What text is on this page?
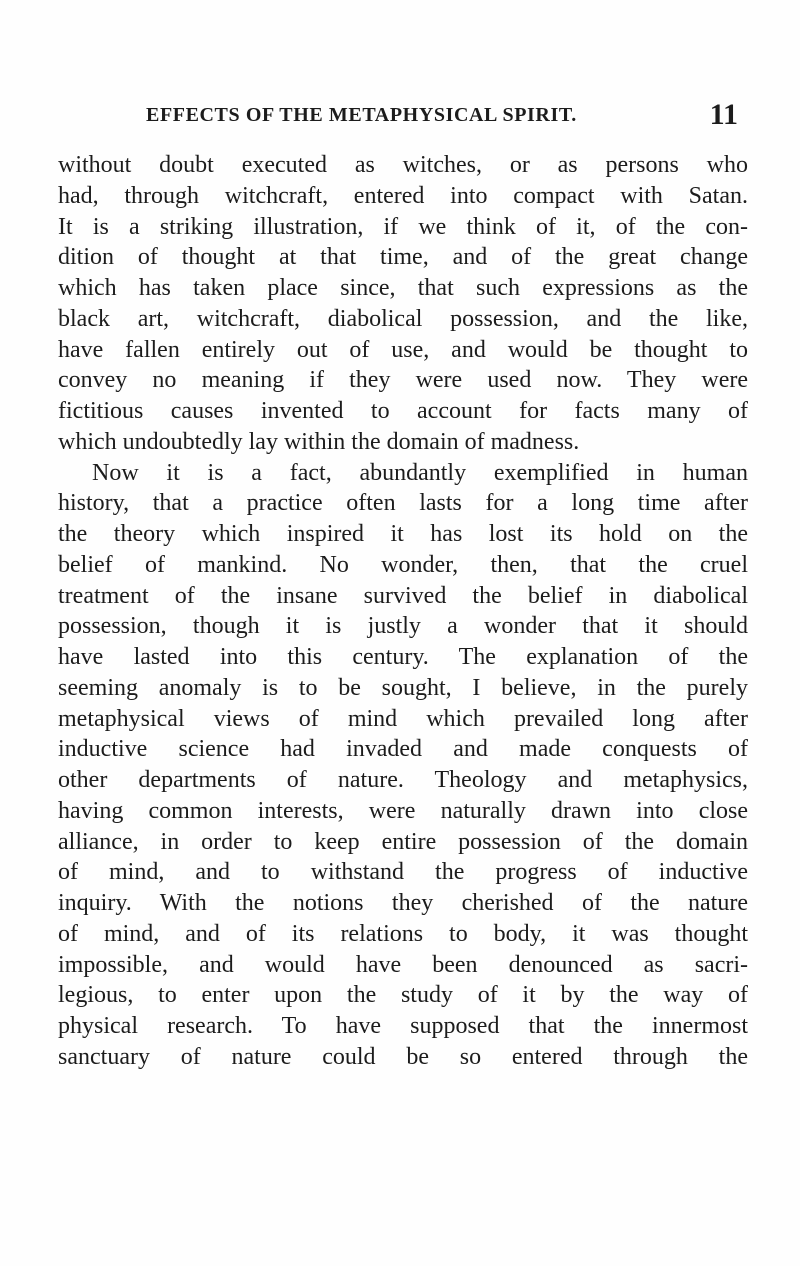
EFFECTS OF THE METAPHYSICAL SPIRIT.	11
without doubt executed as witches, or as persons who
had, through witchcraft, entered into compact with Satan.
It is a striking illustration, if we think of it, of the con-
dition of thought at that time, and of the great change
which has taken place since, that such expressions as the
black art, witchcraft, diabolical possession, and the like,
have fallen entirely out of use, and would be thought to
convey no meaning if they were used now. They were
fictitious causes invented to account for facts many of
which undoubtedly lay within the domain of madness.
Now it is a fact, abundantly exemplified in human
history, that a practice often lasts for a long time after
the theory which inspired it has lost its hold on the
belief of mankind. No wonder, then, that the cruel
treatment of the insane survived the belief in diabolical
possession, though it is justly a wonder that it should
have lasted into this century. The explanation of the
seeming anomaly is to be sought, I believe, in the purely
metaphysical views of mind which prevailed long after
inductive science had invaded and made conquests of
other departments of nature. Theology and metaphysics,
having common interests, were naturally drawn into close
alliance, in order to keep entire possession of the domain
of mind, and to withstand the progress of inductive
inquiry. With the notions they cherished of the nature
of mind, and of its relations to body, it was thought
impossible, and would have been denounced as sacri-
legious, to enter upon the study of it by the way of
physical research. To have supposed that the innermost
sanctuary of nature could be so entered through the
